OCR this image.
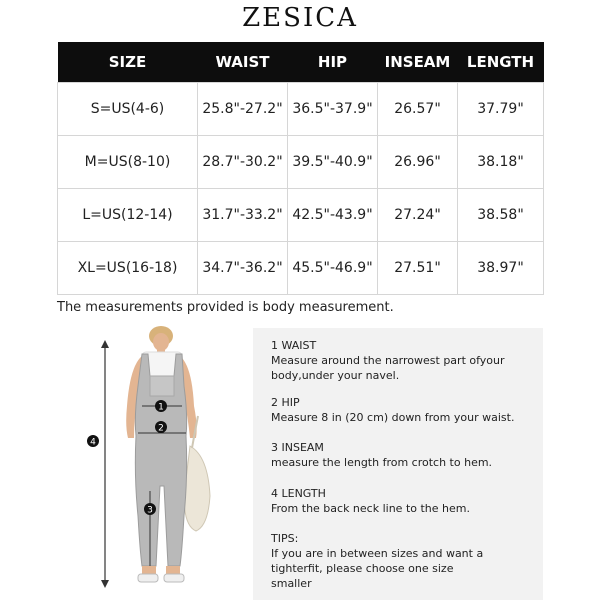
ZESICA
SIZE	WAIST	HIP	INSEAM	LENGTH
S=US(4-6)	25.8"-27.2"	36.5"-37.9"	26.57"	37.79"
M=US(8-10)	28.7"-30.2"	39.5"-40.9"	26.96"	38.18"
L=US(12-14)	31.7"-33.2"	42.5"-43.9"	27.24"	38.58"
XL=US(16-18)	34.7"-36.2"	45.5"-46.9"	27.51"	38.97"
The measurements provided is body measurement.
1
2
3
4
1 WAIST
Measure around the narrowest part ofyour
body,under your navel.
2 HIP
Measure 8 in (20 cm) down from your waist.
3 INSEAM
measure the length from crotch to hem.
4 LENGTH
From the back neck line to the hem.
TIPS:
If you are in between sizes and want a
tighterfit, please choose one size
smaller
